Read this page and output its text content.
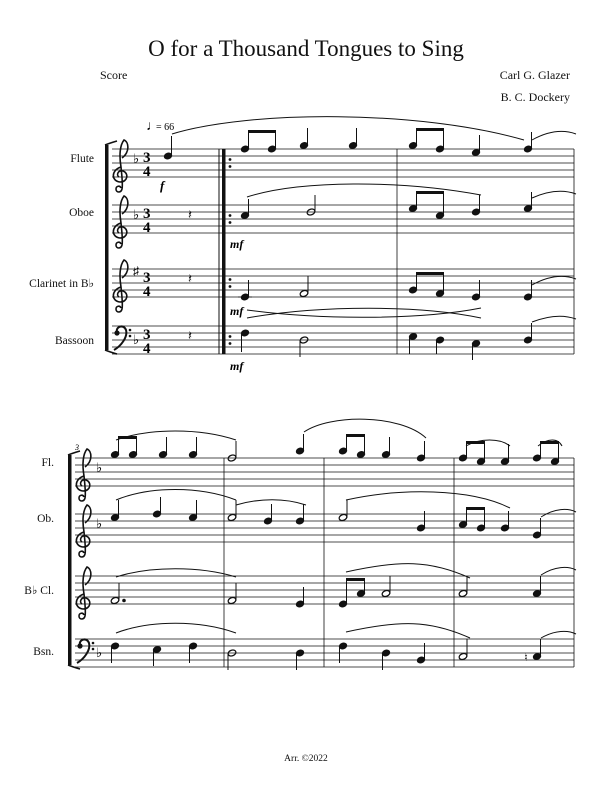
O for a Thousand Tongues to Sing
Score	Carl G. Glazer
B. C. Dockery
Flute
Oboe
Clarinet in B♭
Bassoon
Fl.
Ob.
B♭ Cl.
Bsn.
Arr. ©2022
♭
♭
♯
♭
3
4
3
4
3
4
3
4
♩
= 66
𝄽
𝄽
𝄽
f
mf
mf
mf
3
♭
♭
♭	♮
